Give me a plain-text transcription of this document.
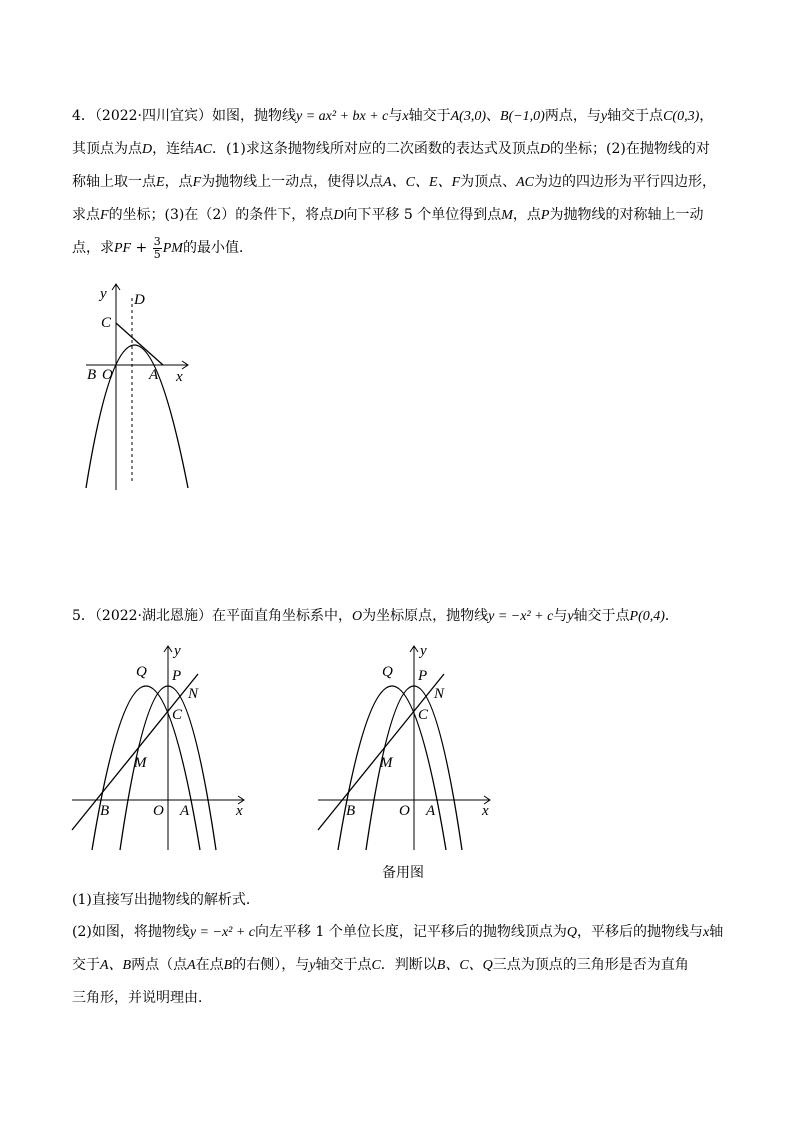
4．（2022·四川宜宾）如图，抛物线y = ax² + bx + c与x轴交于A(3,0)、B(−1,0)两点，与y轴交于点C(0,3)，
其顶点为点D，连结AC．(1)求这条抛物线所对应的二次函数的表达式及顶点D的坐标；(2)在抛物线的对
称轴上取一点E，点F为抛物线上一动点，使得以点A、C、E、F为顶点、AC为边的四边形为平行四边形，
求点F的坐标；(3)在（2）的条件下，将点D向下平移 5 个单位得到点M，点P为抛物线的对称轴上一动
点，求PF + $\frac{3}{5}$ PM的最小值．
y D
C
B O A x
5．（2022·湖北恩施）在平面直角坐标系中，O为坐标原点，抛物线y = −x² + c与y轴交于点P(0,4)．
Q
y
P
N
C
M
B	O A	x
Q
y
P
N
C
M
B	O A	x
备用图
(1)直接写出抛物线的解析式．
(2)如图，将抛物线y = −x² + c向左平移 1 个单位长度，记平移后的抛物线顶点为Q，平移后的抛物线与x轴
交于A、B两点（点A在点B的右侧），与y轴交于点C．判断以B、C、Q三点为顶点的三角形是否为直角
三角形，并说明理由．
